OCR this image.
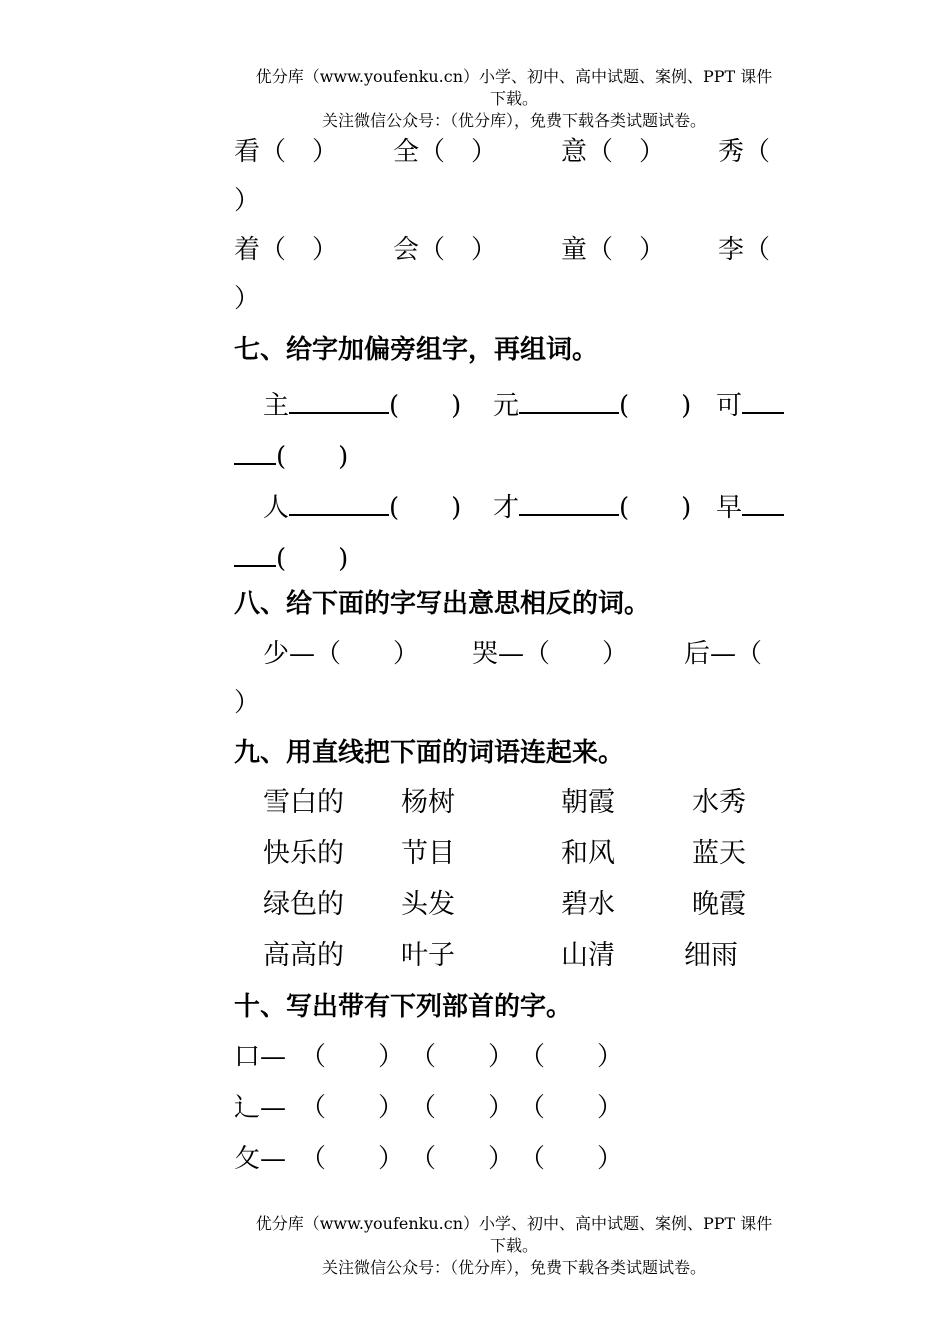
优分库（www.youfenku.cn）小学、初中、高中试题、案例、PPT 课件
下载。
关注微信公众号：（优分库），免费下载各类试题试卷。
看（　） 全（　） 意（　） 秀（
）
着（　） 会（　） 童（　） 李（
）
七、给字加偏旁组字，再组词。
主	(　　) 元	(　　) 可
(　　)
人	(　　) 才	(　　) 早
(　　)
八、给下面的字写出意思相反的词。
少—（　　） 哭—（　　） 后—（
）
九、用直线把下面的词语连起来。
雪白的 杨树	朝霞	水秀
快乐的 节目	和风	蓝天
绿色的 头发	碧水	晚霞
高高的 叶子	山清	细雨
十、写出带有下列部首的字。
口— （　　） （　　） （　　）
辶— （　　） （　　） （　　）
攵— （　　） （　　） （　　）
优分库（www.youfenku.cn）小学、初中、高中试题、案例、PPT 课件
下载。
关注微信公众号：（优分库），免费下载各类试题试卷。
